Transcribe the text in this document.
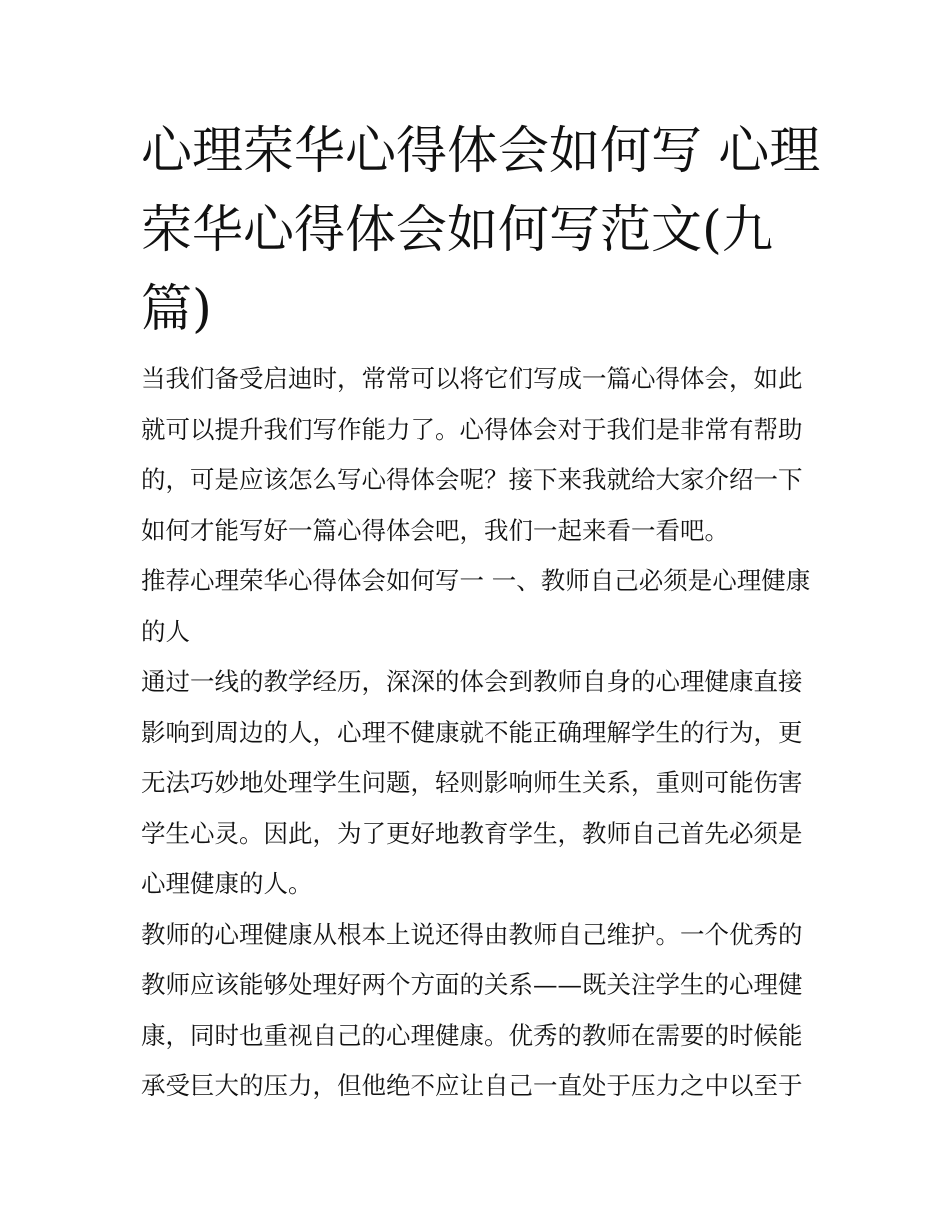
心理荣华心得体会如何写 心理荣华心得体会如何写范文(九篇)

当我们备受启迪时，常常可以将它们写成一篇心得体会，如此就可以提升我们写作能力了。心得体会对于我们是非常有帮助的，可是应该怎么写心得体会呢？接下来我就给大家介绍一下如何才能写好一篇心得体会吧，我们一起来看一看吧。

推荐心理荣华心得体会如何写一 一、教师自己必须是心理健康的人

通过一线的教学经历，深深的体会到教师自身的心理健康直接影响到周边的人，心理不健康就不能正确理解学生的行为，更无法巧妙地处理学生问题，轻则影响师生关系，重则可能伤害学生心灵。因此，为了更好地教育学生，教师自己首先必须是心理健康的人。

教师的心理健康从根本上说还得由教师自己维护。一个优秀的教师应该能够处理好两个方面的关系——既关注学生的心理健康，同时也重视自己的心理健康。优秀的教师在需要的时候能承受巨大的压力，但他绝不应让自己一直处于压力之中以至于
